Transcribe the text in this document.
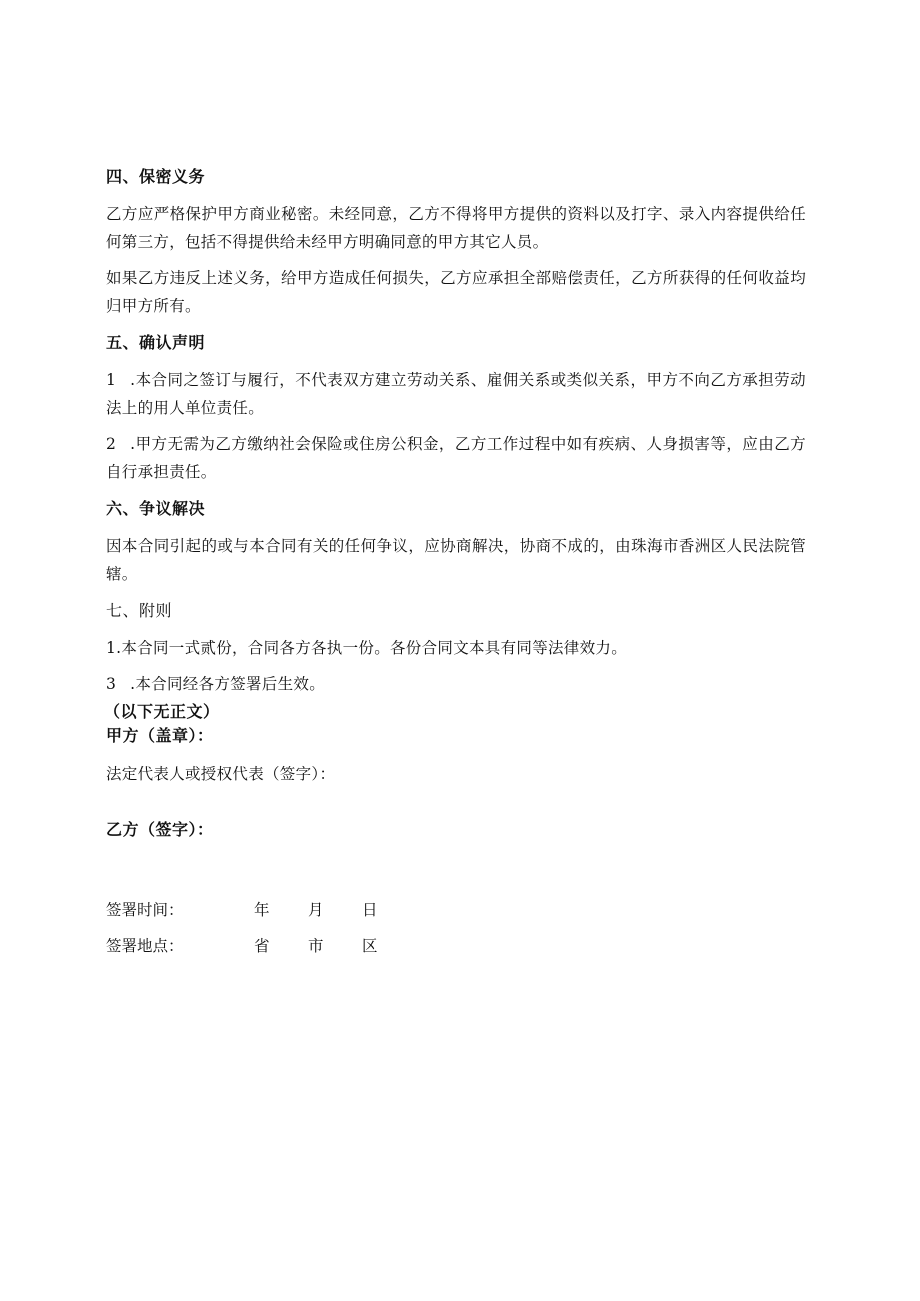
四、保密义务
乙方应严格保护甲方商业秘密。未经同意，乙方不得将甲方提供的资料以及打字、录入内容提供给任何第三方，包括不得提供给未经甲方明确同意的甲方其它人员。
如果乙方违反上述义务，给甲方造成任何损失，乙方应承担全部赔偿责任，乙方所获得的任何收益均归甲方所有。
五、确认声明
1 .本合同之签订与履行，不代表双方建立劳动关系、雇佣关系或类似关系，甲方不向乙方承担劳动法上的用人单位责任。
2 .甲方无需为乙方缴纳社会保险或住房公积金，乙方工作过程中如有疾病、人身损害等，应由乙方自行承担责任。
六、争议解决
因本合同引起的或与本合同有关的任何争议，应协商解决，协商不成的，由珠海市香洲区人民法院管辖。
七、附则
1.本合同一式贰份，合同各方各执一份。各份合同文本具有同等法律效力。
3 .本合同经各方签署后生效。
（以下无正文）
甲方（盖章）：
法定代表人或授权代表（签字）：
乙方（签字）：
签署时间：	年 月 日
签署地点：	省 市 区
